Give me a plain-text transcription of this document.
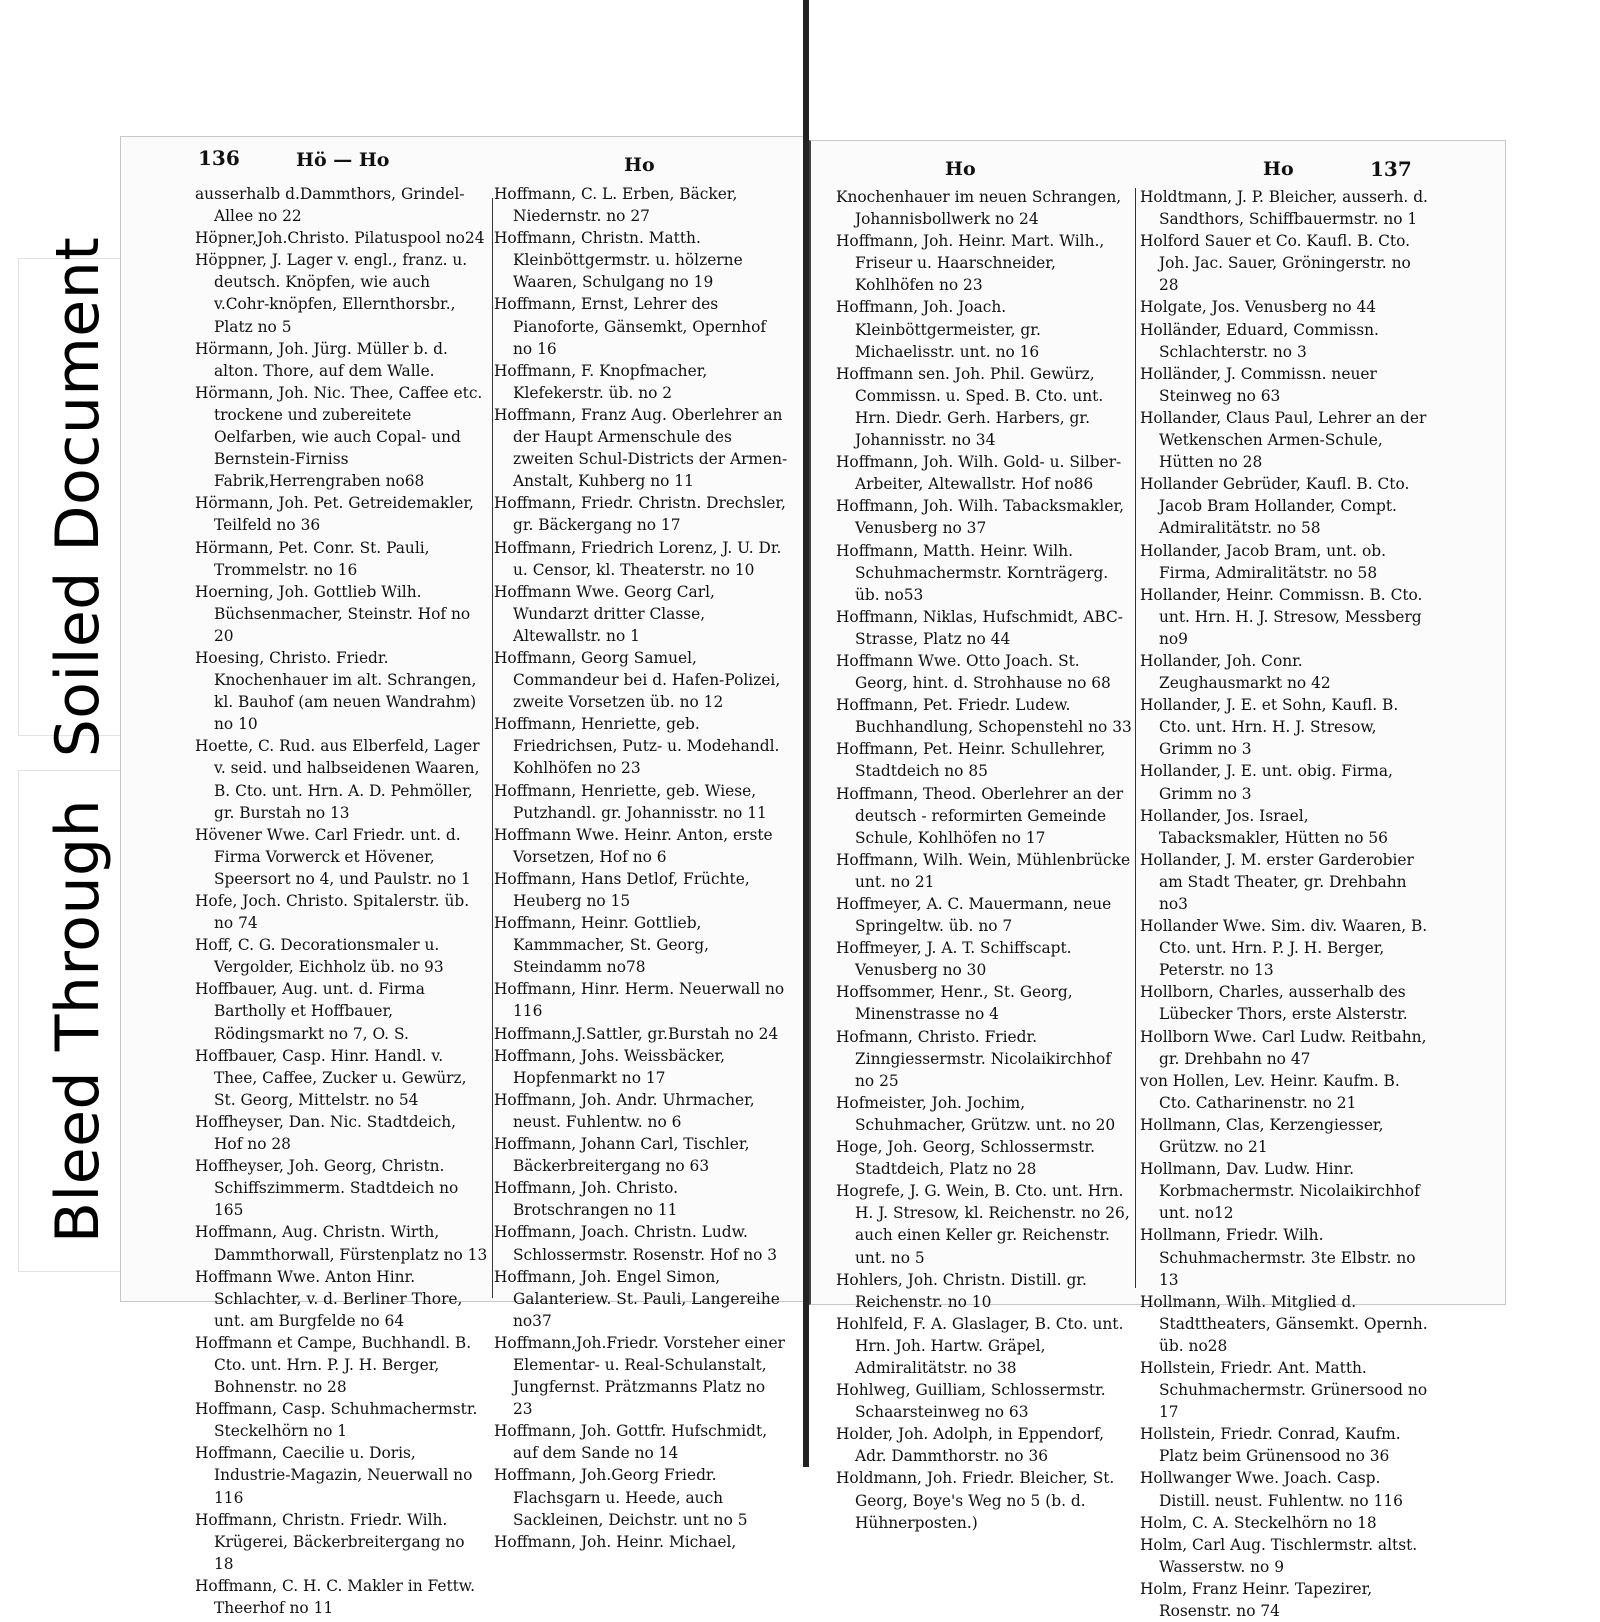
Soiled Document
Bleed Through
136	Hö — Ho	Ho	Ho	Ho	137

ausserhalb d.Dammthors, Grindel-Allee no 22

Höpner,Joh.Christo. Pilatuspool no24

Höppner, J. Lager v. engl., franz. u. deutsch. Knöpfen, wie auch v.Cohr-knöpfen, Ellernthorsbr., Platz no 5

Hörmann, Joh. Jürg. Müller b. d. alton. Thore, auf dem Walle.

Hörmann, Joh. Nic. Thee, Caffee etc. trockene und zubereitete Oelfarben, wie auch Copal- und Bernstein-Firniss Fabrik,Herrengraben no68

Hörmann, Joh. Pet. Getreidemakler, Teilfeld no 36

Hörmann, Pet. Conr. St. Pauli, Trommelstr. no 16

Hoerning, Joh. Gottlieb Wilh. Büchsenmacher, Steinstr. Hof no 20

Hoesing, Christo. Friedr. Knochenhauer im alt. Schrangen, kl. Bauhof (am neuen Wandrahm) no 10

Hoette, C. Rud. aus Elberfeld, Lager v. seid. und halbseidenen Waaren, B. Cto. unt. Hrn. A. D. Pehmöller, gr. Burstah no 13

Hövener Wwe. Carl Friedr. unt. d. Firma Vorwerck et Hövener, Speersort no 4, und Paulstr. no 1

Hofe, Joch. Christo. Spitalerstr. üb. no 74

Hoff, C. G. Decorationsmaler u. Vergolder, Eichholz üb. no 93

Hoffbauer, Aug. unt. d. Firma Bartholly et Hoffbauer, Rödingsmarkt no 7, O. S.

Hoffbauer, Casp. Hinr. Handl. v. Thee, Caffee, Zucker u. Gewürz, St. Georg, Mittelstr. no 54

Hoffheyser, Dan. Nic. Stadtdeich, Hof no 28

Hoffheyser, Joh. Georg, Christn. Schiffszimmerm. Stadtdeich no 165

Hoffmann, Aug. Christn. Wirth, Dammthorwall, Fürstenplatz no 13

Hoffmann Wwe. Anton Hinr. Schlachter, v. d. Berliner Thore, unt. am Burgfelde no 64

Hoffmann et Campe, Buchhandl. B. Cto. unt. Hrn. P. J. H. Berger, Bohnenstr. no 28

Hoffmann, Casp. Schuhmachermstr. Steckelhörn no 1

Hoffmann, Caecilie u. Doris, Industrie-Magazin, Neuerwall no 116

Hoffmann, Christn. Friedr. Wilh. Krügerei, Bäckerbreitergang no 18

Hoffmann, C. H. C. Makler in Fettw. Theerhof no 11

Hoffmann, C. L. Erben, Bäcker, Niedernstr. no 27

Hoffmann, Christn. Matth. Kleinböttgermstr. u. hölzerne Waaren, Schulgang no 19

Hoffmann, Ernst, Lehrer des Pianoforte, Gänsemkt, Opernhof no 16

Hoffmann, F. Knopfmacher, Klefekerstr. üb. no 2

Hoffmann, Franz Aug. Oberlehrer an der Haupt Armenschule des zweiten Schul-Districts der Armen-Anstalt, Kuhberg no 11

Hoffmann, Friedr. Christn. Drechsler, gr. Bäckergang no 17

Hoffmann, Friedrich Lorenz, J. U. Dr. u. Censor, kl. Theaterstr. no 10

Hoffmann Wwe. Georg Carl, Wundarzt dritter Classe, Altewallstr. no 1

Hoffmann, Georg Samuel, Commandeur bei d. Hafen-Polizei, zweite Vorsetzen üb. no 12

Hoffmann, Henriette, geb. Friedrichsen, Putz- u. Modehandl. Kohlhöfen no 23

Hoffmann, Henriette, geb. Wiese, Putzhandl. gr. Johannisstr. no 11

Hoffmann Wwe. Heinr. Anton, erste Vorsetzen, Hof no 6

Hoffmann, Hans Detlof, Früchte, Heuberg no 15

Hoffmann, Heinr. Gottlieb, Kammmacher, St. Georg, Steindamm no78

Hoffmann, Hinr. Herm. Neuerwall no 116

Hoffmann,J.Sattler, gr.Burstah no 24

Hoffmann, Johs. Weissbäcker, Hopfenmarkt no 17

Hoffmann, Joh. Andr. Uhrmacher, neust. Fuhlentw. no 6

Hoffmann, Johann Carl, Tischler, Bäckerbreitergang no 63

Hoffmann, Joh. Christo. Brotschrangen no 11

Hoffmann, Joach. Christn. Ludw. Schlossermstr. Rosenstr. Hof no 3

Hoffmann, Joh. Engel Simon, Galanteriew. St. Pauli, Langereihe no37

Hoffmann,Joh.Friedr. Vorsteher einer Elementar- u. Real-Schulanstalt, Jungfernst. Prätzmanns Platz no 23

Hoffmann, Joh. Gottfr. Hufschmidt, auf dem Sande no 14

Hoffmann, Joh.Georg Friedr. Flachsgarn u. Heede, auch Sackleinen, Deichstr. unt no 5

Hoffmann, Joh. Heinr. Michael,

Knochenhauer im neuen Schrangen, Johannisbollwerk no 24

Hoffmann, Joh. Heinr. Mart. Wilh., Friseur u. Haarschneider, Kohlhöfen no 23

Hoffmann, Joh. Joach. Kleinböttgermeister, gr. Michaelisstr. unt. no 16

Hoffmann sen. Joh. Phil. Gewürz, Commissn. u. Sped. B. Cto. unt. Hrn. Diedr. Gerh. Harbers, gr. Johannisstr. no 34

Hoffmann, Joh. Wilh. Gold- u. Silber-Arbeiter, Altewallstr. Hof no86

Hoffmann, Joh. Wilh. Tabacksmakler, Venusberg no 37

Hoffmann, Matth. Heinr. Wilh. Schuhmachermstr. Kornträgerg. üb. no53

Hoffmann, Niklas, Hufschmidt, ABC-Strasse, Platz no 44

Hoffmann Wwe. Otto Joach. St. Georg, hint. d. Strohhause no 68

Hoffmann, Pet. Friedr. Ludew. Buchhandlung, Schopenstehl no 33

Hoffmann, Pet. Heinr. Schullehrer, Stadtdeich no 85

Hoffmann, Theod. Oberlehrer an der deutsch - reformirten Gemeinde Schule, Kohlhöfen no 17

Hoffmann, Wilh. Wein, Mühlenbrücke unt. no 21

Hoffmeyer, A. C. Mauermann, neue Springeltw. üb. no 7

Hoffmeyer, J. A. T. Schiffscapt. Venusberg no 30

Hoffsommer, Henr., St. Georg, Minenstrasse no 4

Hofmann, Christo. Friedr. Zinngiessermstr. Nicolaikirchhof no 25

Hofmeister, Joh. Jochim, Schuhmacher, Grützw. unt. no 20

Hoge, Joh. Georg, Schlossermstr. Stadtdeich, Platz no 28

Hogrefe, J. G. Wein, B. Cto. unt. Hrn. H. J. Stresow, kl. Reichenstr. no 26, auch einen Keller gr. Reichenstr. unt. no 5

Hohlers, Joh. Christn. Distill. gr. Reichenstr. no 10

Hohlfeld, F. A. Glaslager, B. Cto. unt. Hrn. Joh. Hartw. Gräpel, Admiralitätstr. no 38

Hohlweg, Guilliam, Schlossermstr. Schaarsteinweg no 63

Holder, Joh. Adolph, in Eppendorf, Adr. Dammthorstr. no 36

Holdmann, Joh. Friedr. Bleicher, St. Georg, Boye's Weg no 5 (b. d. Hühnerposten.)

Holdtmann, J. P. Bleicher, ausserh. d. Sandthors, Schiffbauermstr. no 1

Holford Sauer et Co. Kaufl. B. Cto. Joh. Jac. Sauer, Gröningerstr. no 28

Holgate, Jos. Venusberg no 44

Holländer, Eduard, Commissn. Schlachterstr. no 3

Holländer, J. Commissn. neuer Steinweg no 63

Hollander, Claus Paul, Lehrer an der Wetkenschen Armen-Schule, Hütten no 28

Hollander Gebrüder, Kaufl. B. Cto. Jacob Bram Hollander, Compt. Admiralitätstr. no 58

Hollander, Jacob Bram, unt. ob. Firma, Admiralitätstr. no 58

Hollander, Heinr. Commissn. B. Cto. unt. Hrn. H. J. Stresow, Messberg no9

Hollander, Joh. Conr. Zeughausmarkt no 42

Hollander, J. E. et Sohn, Kaufl. B. Cto. unt. Hrn. H. J. Stresow, Grimm no 3

Hollander, J. E. unt. obig. Firma, Grimm no 3

Hollander, Jos. Israel, Tabacksmakler, Hütten no 56

Hollander, J. M. erster Garderobier am Stadt Theater, gr. Drehbahn no3

Hollander Wwe. Sim. div. Waaren, B. Cto. unt. Hrn. P. J. H. Berger, Peterstr. no 13

Hollborn, Charles, ausserhalb des Lübecker Thors, erste Alsterstr.

Hollborn Wwe. Carl Ludw. Reitbahn, gr. Drehbahn no 47

von Hollen, Lev. Heinr. Kaufm. B. Cto. Catharinenstr. no 21

Hollmann, Clas, Kerzengiesser, Grützw. no 21

Hollmann, Dav. Ludw. Hinr. Korbmachermstr. Nicolaikirchhof unt. no12

Hollmann, Friedr. Wilh. Schuhmachermstr. 3te Elbstr. no 13

Hollmann, Wilh. Mitglied d. Stadttheaters, Gänsemkt. Opernh. üb. no28

Hollstein, Friedr. Ant. Matth. Schuhmachermstr. Grünersood no 17

Hollstein, Friedr. Conrad, Kaufm. Platz beim Grünensood no 36

Hollwanger Wwe. Joach. Casp. Distill. neust. Fuhlentw. no 116

Holm, C. A. Steckelhörn no 18

Holm, Carl Aug. Tischlermstr. altst. Wasserstw. no 9

Holm, Franz Heinr. Tapezirer, Rosenstr. no 74
